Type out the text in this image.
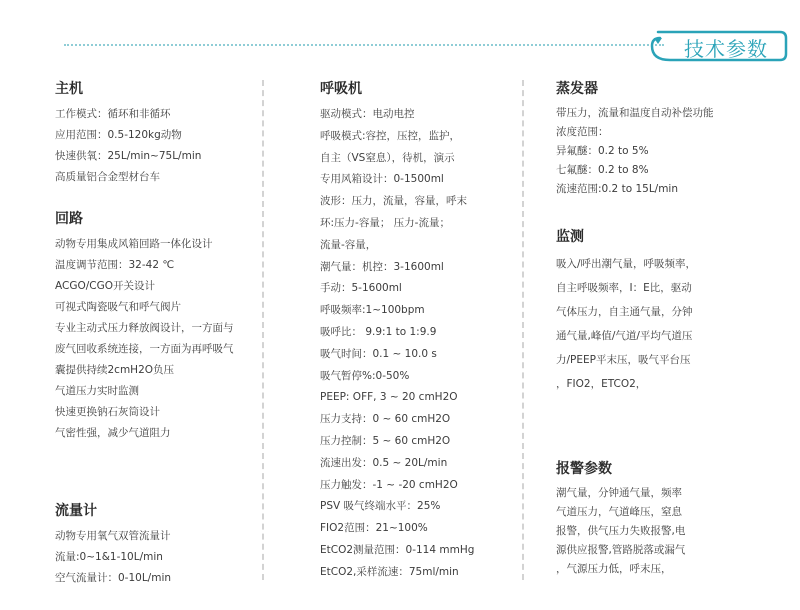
技术参数
主机
工作模式：循环和非循环
应用范围：0.5-120kg动物
快速供氧：25L/min~75L/min
高质量铝合金型材台车
回路
动物专用集成风箱回路一体化设计
温度调节范围：32-42 ℃
ACGO/CGO开关设计
可视式陶瓷吸气和呼气阀片
专业主动式压力释放阀设计，一方面与
废气回收系统连接，一方面为再呼吸气
囊提供持续2cmH2O负压
气道压力实时监测
快速更换钠石灰筒设计
气密性强，减少气道阻力
流量计
动物专用氧气双管流量计
流量:0~1&1-10L/min
空气流量计：0-10L/min
呼吸机
驱动模式：电动电控
呼吸模式:容控，压控，监护，
自主（VS窒息），待机，演示
专用风箱设计：0-1500ml
波形：压力，流量，容量，呼末
环:压力-容量； 压力-流量；
流量-容量，
潮气量：机控：3-1600ml
手动：5-1600ml
呼吸频率:1~100bpm
吸呼比： 9.9:1 to 1:9.9
吸气时间：0.1 ~ 10.0 s
吸气暂停%:0-50%
PEEP: OFF, 3 ~ 20 cmH2O
压力支持：0 ~ 60 cmH2O
压力控制：5 ~ 60 cmH2O
流速出发：0.5 ~ 20L/min
压力触发：-1 ~ -20 cmH2O
PSV 吸气终端水平：25%
FIO2范围：21~100%
EtCO2测量范围：0-114 mmHg
EtCO2,采样流速：75ml/min
蒸发器
带压力，流量和温度自动补偿功能
浓度范围：
异氟醚：0.2 to 5%
七氟醚：0.2 to 8%
流速范围:0.2 to 15L/min
监测
吸入/呼出潮气量，呼吸频率，
自主呼吸频率，I：E比，驱动
气体压力，自主通气量，分钟
通气量,峰值/气道/平均气道压
力/PEEP平末压，吸气平台压
，FIO2，ETCO2，
报警参数
潮气量，分钟通气量，频率
气道压力，气道峰压，窒息
报警，供气压力失败报警,电
源供应报警,管路脱落或漏气
，气源压力低，呼末压，
